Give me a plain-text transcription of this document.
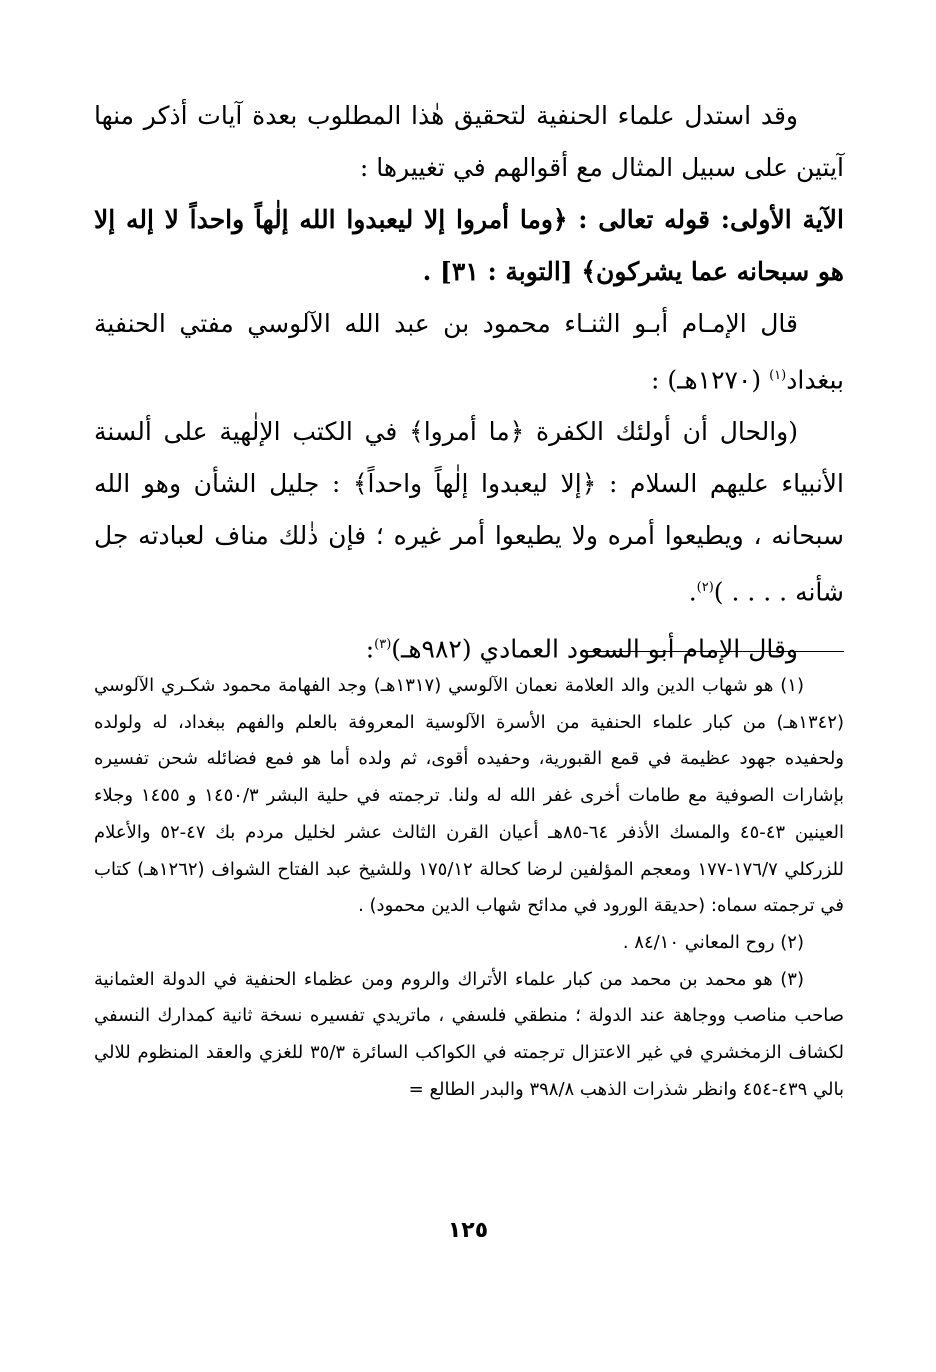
وقد استدل علماء الحنفية لتحقيق هٰذا المطلوب بعدة آيات أذكر منها آيتين على سبيل المثال مع أقوالهم في تغييرها :

الآية الأولى: قوله تعالى : ﴿وما أمروا إلا ليعبدوا الله إلٰهاً واحداً لا إله إلا هو سبحانه عما يشركون﴾ [التوبة : ٣١] .

قال الإمـام أبـو الثنـاء محمود بن عبد الله الآلوسي مفتي الحنفية ببغداد$^{(١)}$ (١٢٧٠هـ) :

(والحال أن أولئك الكفرة ﴿ما أمروا﴾ في الكتب الإلٰهية على ألسنة الأنبياء عليهم السلام : ﴿إلا ليعبدوا إلٰهاً واحداً﴾ : جليل الشأن وهو الله سبحانه ، ويطيعوا أمره ولا يطيعوا أمر غيره ؛ فإن ذٰلك مناف لعبادته جل شأنه . . . . )$^{(٢)}$.

وقال الإمام أبو السعود العمادي (٩٨٢هـ)$^{(٣)}$:

(١) هو شهاب الدين والد العلامة نعمان الآلوسي (١٣١٧هـ) وجد الفهامة محمود شكـري الآلوسي (١٣٤٢هـ) من كبار علماء الحنفية من الأسرة الآلوسية المعروفة بالعلم والفهم ببغداد، له ولولده ولحفيده جهود عظيمة في قمع القبورية، وحفيده أقوى، ثم ولده أما هو فمع فضائله شحن تفسيره بإشارات الصوفية مع طامات أخرى غفر الله له ولنا. ترجمته في حلية البشر ١٤٥٠/٣ و ١٤٥٥ وجلاء العينين ٤٣-٤٥ والمسك الأذفر ٦٤-٨٥هـ أعيان القرن الثالث عشر لخليل مردم بك ٤٧-٥٢ والأعلام للزركلي ١٧٦/٧-١٧٧ ومعجم المؤلفين لرضا كحالة ١٧٥/١٢ وللشيخ عبد الفتاح الشواف (١٢٦٢هـ) كتاب في ترجمته سماه: (حديقة الورود في مدائح شهاب الدين محمود) .

(٢) روح المعاني ٨٤/١٠ .

(٣) هو محمد بن محمد من كبار علماء الأتراك والروم ومن عظماء الحنفية في الدولة العثمانية صاحب مناصب ووجاهة عند الدولة ؛ منطقي فلسفي ، ماتريدي تفسيره نسخة ثانية كمدارك النسفي لكشاف الزمخشري في غير الاعتزال ترجمته في الكواكب السائرة ٣٥/٣ للغزي والعقد المنظوم للالي بالي ٤٣٩-٤٥٤ وانظر شذرات الذهب ٣٩٨/٨ والبدر الطالع =

١٢٥
